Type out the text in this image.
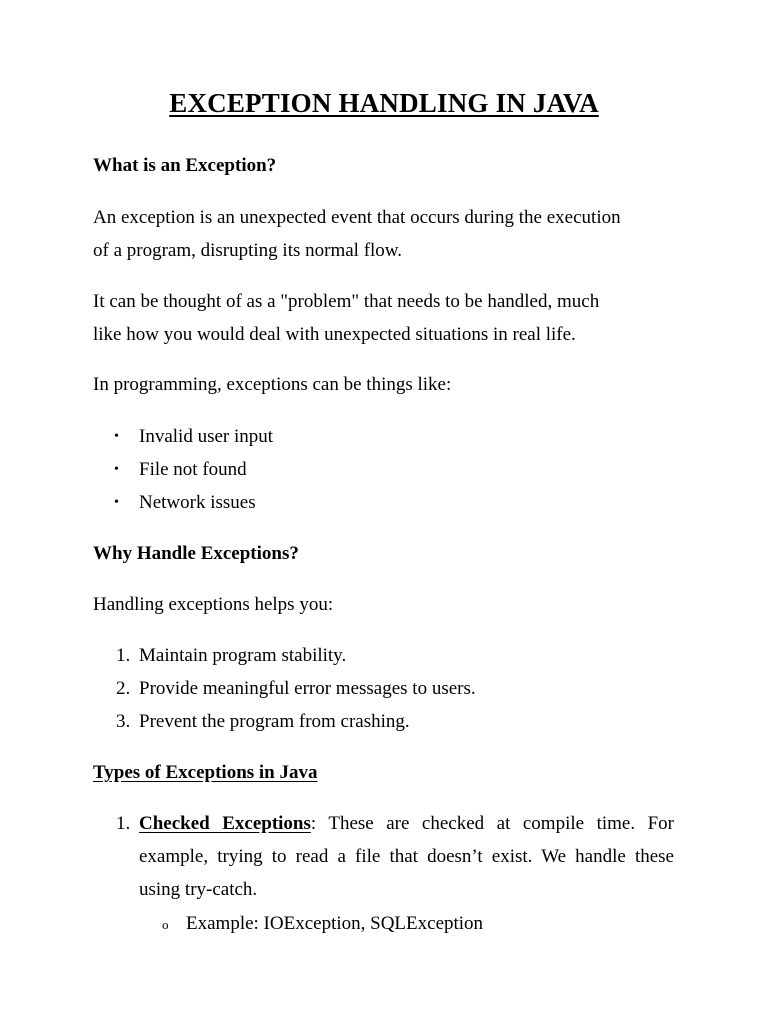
EXCEPTION HANDLING IN JAVA

What is an Exception?

An exception is an unexpected event that occurs during the execution

of a program, disrupting its normal flow.

It can be thought of as a "problem" that needs to be handled, much

like how you would deal with unexpected situations in real life.

In programming, exceptions can be things like:

• Invalid user input
• File not found
• Network issues

Why Handle Exceptions?

Handling exceptions helps you:

1. Maintain program stability.
2. Provide meaningful error messages to users.
3. Prevent the program from crashing.

Types of Exceptions in Java

1. Checked Exceptions: These are checked at compile time. For
example, trying to read a file that doesn’t exist. We handle these
using try-catch.
o Example: IOException, SQLException
